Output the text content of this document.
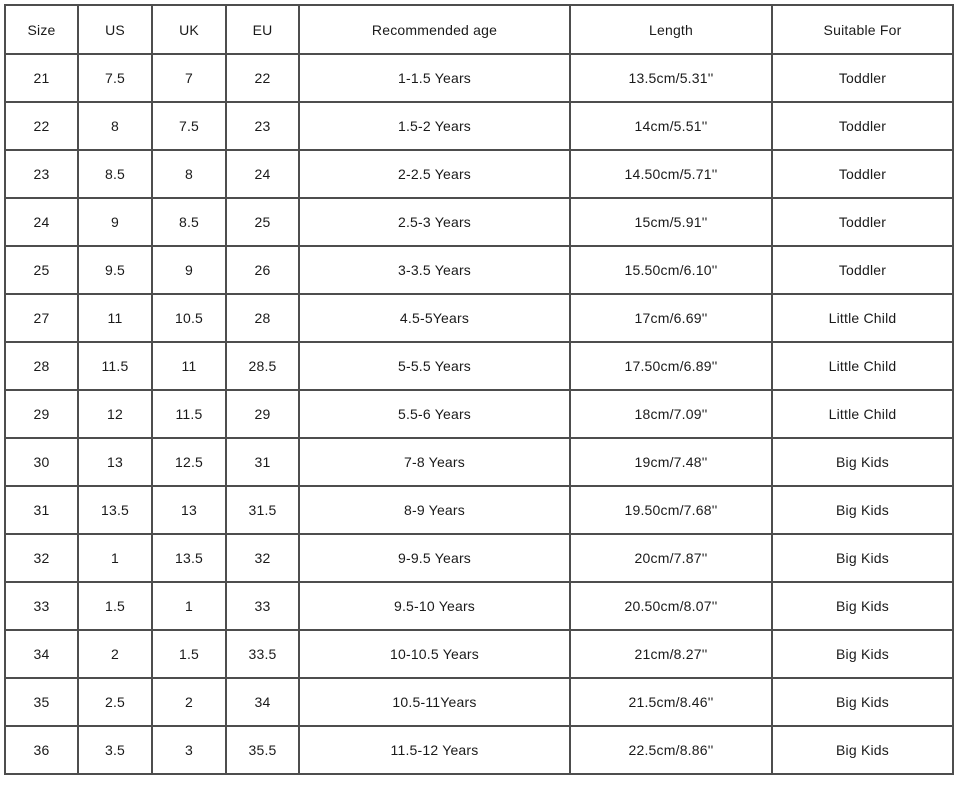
Size	US	UK	EU	Recommended age	Length	Suitable For
21	7.5	7	22	1-1.5 Years	13.5cm/5.31''	Toddler
22	8	7.5	23	1.5-2 Years	14cm/5.51''	Toddler
23	8.5	8	24	2-2.5 Years	14.50cm/5.71''	Toddler
24	9	8.5	25	2.5-3 Years	15cm/5.91''	Toddler
25	9.5	9	26	3-3.5 Years	15.50cm/6.10''	Toddler
27	11	10.5	28	4.5-5Years	17cm/6.69''	Little Child
28	11.5	11	28.5	5-5.5 Years	17.50cm/6.89''	Little Child
29	12	11.5	29	5.5-6 Years	18cm/7.09''	Little Child
30	13	12.5	31	7-8 Years	19cm/7.48''	Big Kids
31	13.5	13	31.5	8-9 Years	19.50cm/7.68''	Big Kids
32	1	13.5	32	9-9.5 Years	20cm/7.87''	Big Kids
33	1.5	1	33	9.5-10 Years	20.50cm/8.07''	Big Kids
34	2	1.5	33.5	10-10.5 Years	21cm/8.27''	Big Kids
35	2.5	2	34	10.5-11Years	21.5cm/8.46''	Big Kids
36	3.5	3	35.5	11.5-12 Years	22.5cm/8.86''	Big Kids
